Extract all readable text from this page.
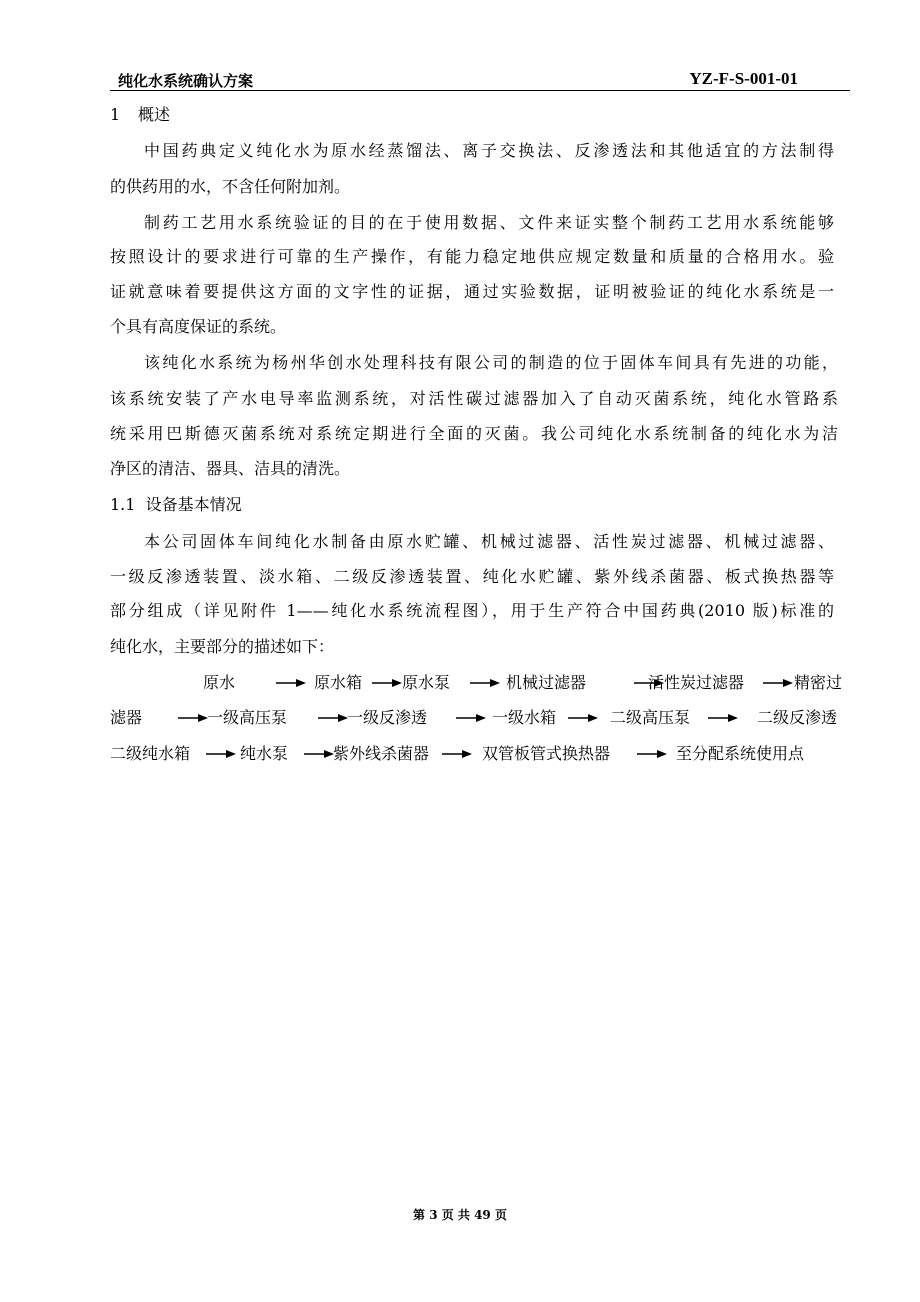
纯化水系统确认方案	YZ-F-S-001-01
1 概述
中国药典定义纯化水为原水经蒸馏法、离子交换法、反渗透法和其他适宜的方法制得
的供药用的水，不含任何附加剂。
制药工艺用水系统验证的目的在于使用数据、文件来证实整个制药工艺用水系统能够
按照设计的要求进行可靠的生产操作，有能力稳定地供应规定数量和质量的合格用水。验
证就意味着要提供这方面的文字性的证据，通过实验数据，证明被验证的纯化水系统是一
个具有高度保证的系统。
该纯化水系统为杨州华创水处理科技有限公司的制造的位于固体车间具有先进的功能，
该系统安装了产水电导率监测系统，对活性碳过滤器加入了自动灭菌系统，纯化水管路系
统采用巴斯德灭菌系统对系统定期进行全面的灭菌。我公司纯化水系统制备的纯化水为洁
净区的清洁、器具、洁具的清洗。
1.1 设备基本情况
本公司固体车间纯化水制备由原水贮罐、机械过滤器、活性炭过滤器、机械过滤器、
一级反渗透装置、淡水箱、二级反渗透装置、纯化水贮罐、紫外线杀菌器、板式换热器等
部分组成（详见附件 1——纯化水系统流程图），用于生产符合中国药典(2010 版)标准的
纯化水，主要部分的描述如下：
原水	原水箱 原水泵	机械过滤器	活性炭过滤器	精密过
滤器	一级高压泵	一级反渗透	一级水箱	二级高压泵	二级反渗透
二级纯水箱	纯水泵	紫外线杀菌器	双管板管式换热器	至分配系统使用点
第 3 页 共 49 页
